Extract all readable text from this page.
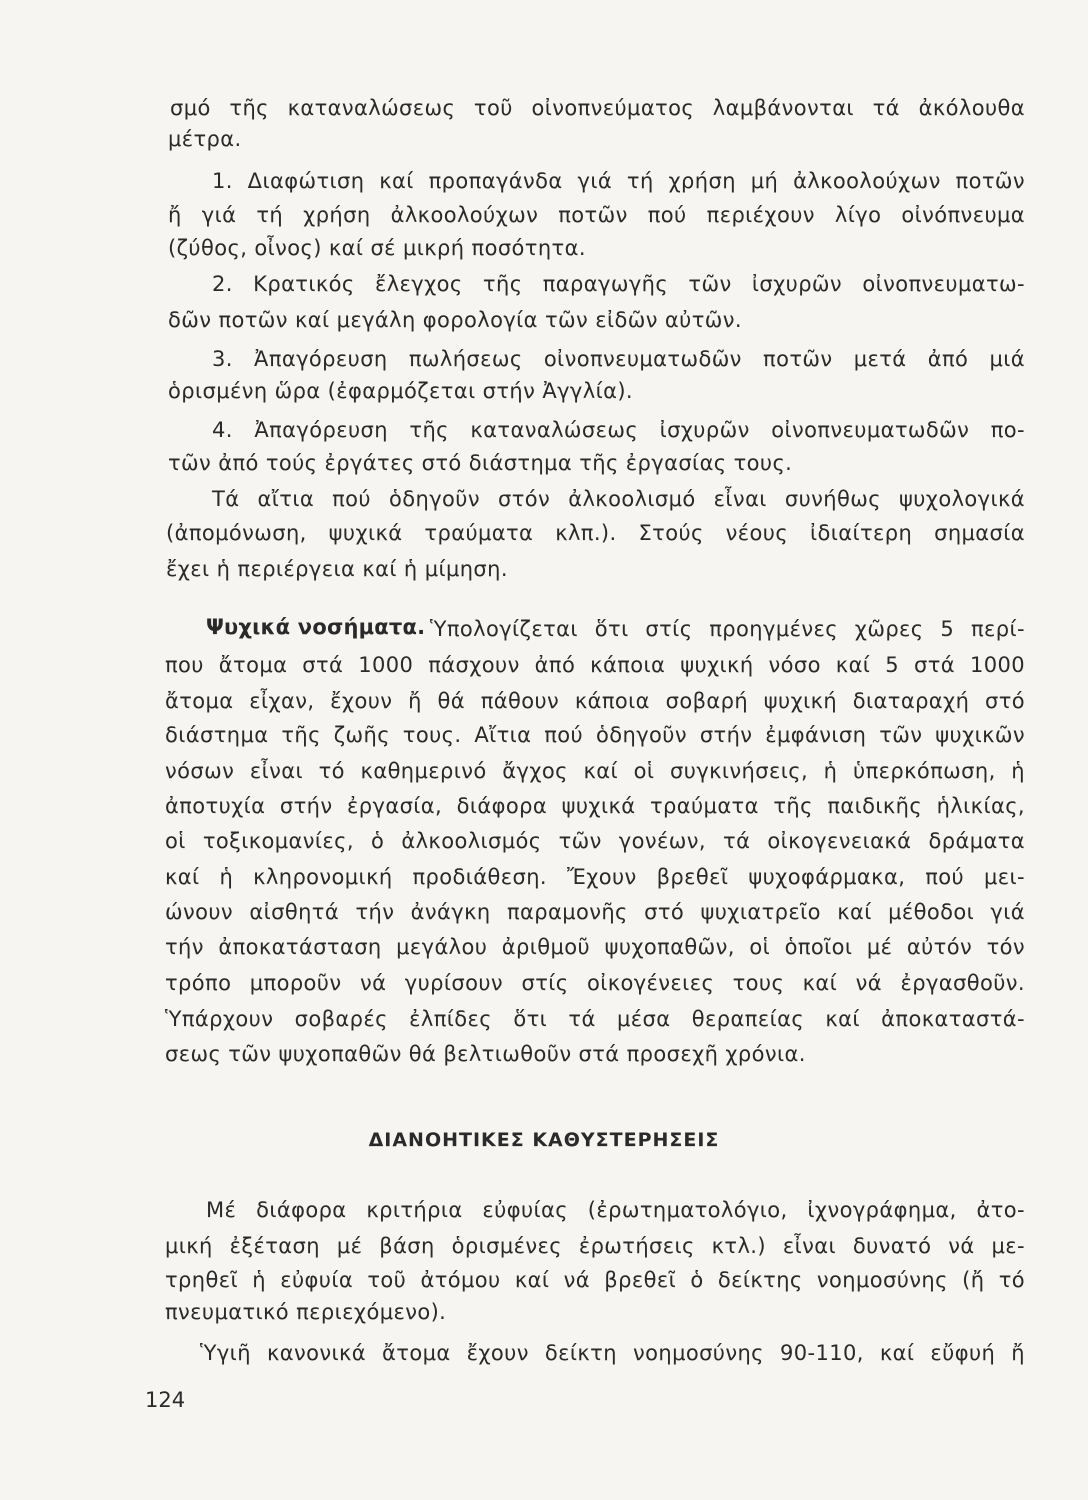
σμό τῆς καταναλώσεως τοῦ οἰνοπνεύματος λαμβάνονται τά ἀκόλουθα
μέτρα.
1. Διαφώτιση καί προπαγάνδα γιά τή χρήση μή ἀλκοολούχων ποτῶν
ἤ γιά τή χρήση ἀλκοολούχων ποτῶν πού περιέχουν λίγο οἰνόπνευμα
(ζύθος, οἶνος) καί σέ μικρή ποσότητα.
2. Κρατικός ἔλεγχος τῆς παραγωγῆς τῶν ἰσχυρῶν οἰνοπνευματω-
δῶν ποτῶν καί μεγάλη φορολογία τῶν εἰδῶν αὐτῶν.
3. Ἀπαγόρευση πωλήσεως οἰνοπνευματωδῶν ποτῶν μετά ἀπό μιά
ὁρισμένη ὥρα (ἐφαρμόζεται στήν Ἀγγλία).
4. Ἀπαγόρευση τῆς καταναλώσεως ἰσχυρῶν οἰνοπνευματωδῶν πο-
τῶν ἀπό τούς ἐργάτες στό διάστημα τῆς ἐργασίας τους.
Τά αἴτια πού ὁδηγοῦν στόν ἀλκοολισμό εἶναι συνήθως ψυχολογικά
(ἀπομόνωση, ψυχικά τραύματα κλπ.). Στούς νέους ἰδιαίτερη σημασία
ἔχει ἡ περιέργεια καί ἡ μίμηση.
Ψυχικά νοσήματα. Ὑπολογίζεται ὅτι στίς προηγμένες χῶρες 5 περί-
που ἄτομα στά 1000 πάσχουν ἀπό κάποια ψυχική νόσο καί 5 στά 1000
ἄτομα εἶχαν, ἔχουν ἤ θά πάθουν κάποια σοβαρή ψυχική διαταραχή στό
διάστημα τῆς ζωῆς τους. Αἴτια πού ὁδηγοῦν στήν ἐμφάνιση τῶν ψυχικῶν
νόσων εἶναι τό καθημερινό ἄγχος καί οἱ συγκινήσεις, ἡ ὑπερκόπωση, ἡ
ἀποτυχία στήν ἐργασία, διάφορα ψυχικά τραύματα τῆς παιδικῆς ἡλικίας,
οἱ τοξικομανίες, ὁ ἀλκοολισμός τῶν γονέων, τά οἰκογενειακά δράματα
καί ἡ κληρονομική προδιάθεση. Ἔχουν βρεθεῖ ψυχοφάρμακα, πού μει-
ώνουν αἰσθητά τήν ἀνάγκη παραμονῆς στό ψυχιατρεῖο καί μέθοδοι γιά
τήν ἀποκατάσταση μεγάλου ἀριθμοῦ ψυχοπαθῶν, οἱ ὁποῖοι μέ αὐτόν τόν
τρόπο μποροῦν νά γυρίσουν στίς οἰκογένειες τους καί νά ἐργασθοῦν.
Ὑπάρχουν σοβαρές ἐλπίδες ὅτι τά μέσα θεραπείας καί ἀποκαταστά-
σεως τῶν ψυχοπαθῶν θά βελτιωθοῦν στά προσεχῆ χρόνια.
ΔΙΑΝΟΗΤΙΚΕΣ ΚΑΘΥΣΤΕΡΗΣΕΙΣ
Μέ διάφορα κριτήρια εὐφυίας (ἐρωτηματολόγιο, ἰχνογράφημα, ἀτο-
μική ἐξέταση μέ βάση ὁρισμένες ἐρωτήσεις κτλ.) εἶναι δυνατό νά με-
τρηθεῖ ἡ εὐφυία τοῦ ἀτόμου καί νά βρεθεῖ ὁ δείκτης νοημοσύνης (ἤ τό
πνευματικό περιεχόμενο).
Ὑγιῆ κανονικά ἄτομα ἔχουν δείκτη νοημοσύνης 90-110, καί εὔφυή ἤ
124
